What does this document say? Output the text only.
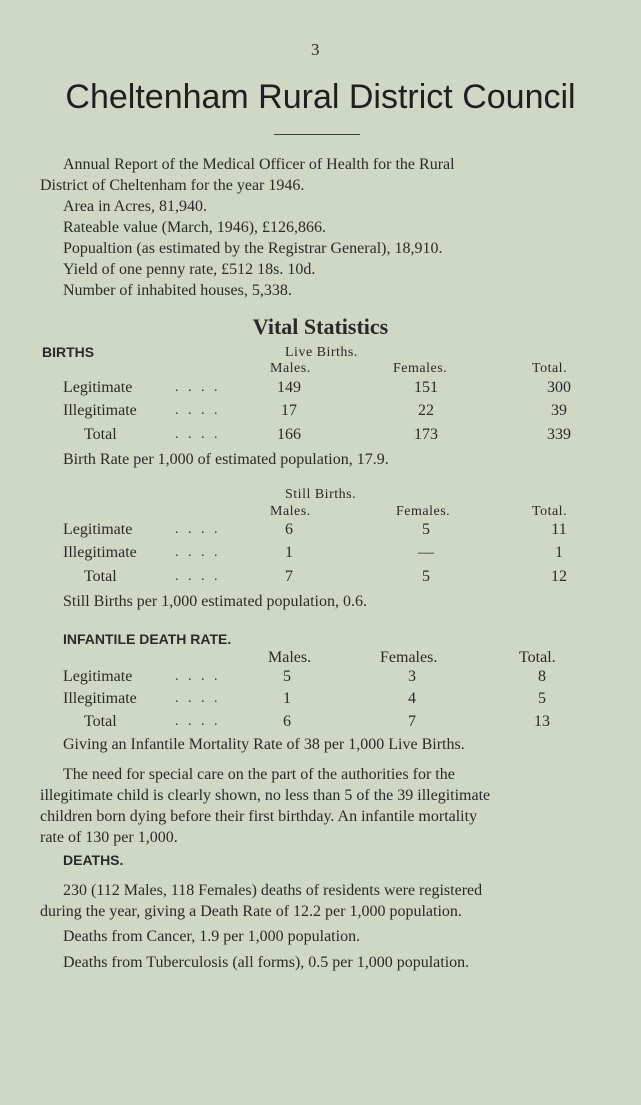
3
Cheltenham Rural District Council
Annual Report of the Medical Officer of Health for the Rural
District of Cheltenham for the year 1946.
Area in Acres, 81,940.
Rateable value (March, 1946), £126,866.
Popualtion (as estimated by the Registrar General), 18,910.
Yield of one penny rate, £512 18s. 10d.
Number of inhabited houses, 5,338.
Vital Statistics
BIRTHS	Live Births.
Males.	Females.	Total.
Legitimate	. . . .	149	151	300
Illegitimate	. . . .	17	22	39
Total	. . . .	166	173	339
Birth Rate per 1,000 of estimated population, 17.9.
Still Births.
Males.	Females.	Total.
Legitimate	. . . .	6	5	11
Illegitimate	. . . .	1	—	1
Total	. . . .	7	5	12
Still Births per 1,000 estimated population, 0.6.
INFANTILE DEATH RATE.
Males.	Females.	Total.
Legitimate	. . . .	5	3	8
Illegitimate	. . . .	1	4	5
Total	. . . .	6	7	13
Giving an Infantile Mortality Rate of 38 per 1,000 Live Births.
The need for special care on the part of the authorities for the
illegitimate child is clearly shown, no less than 5 of the 39 illegitimate
children born dying before their first birthday. An infantile mortality
rate of 130 per 1,000.
DEATHS.
230 (112 Males, 118 Females) deaths of residents were registered
during the year, giving a Death Rate of 12.2 per 1,000 population.
Deaths from Cancer, 1.9 per 1,000 population.
Deaths from Tuberculosis (all forms), 0.5 per 1,000 population.
